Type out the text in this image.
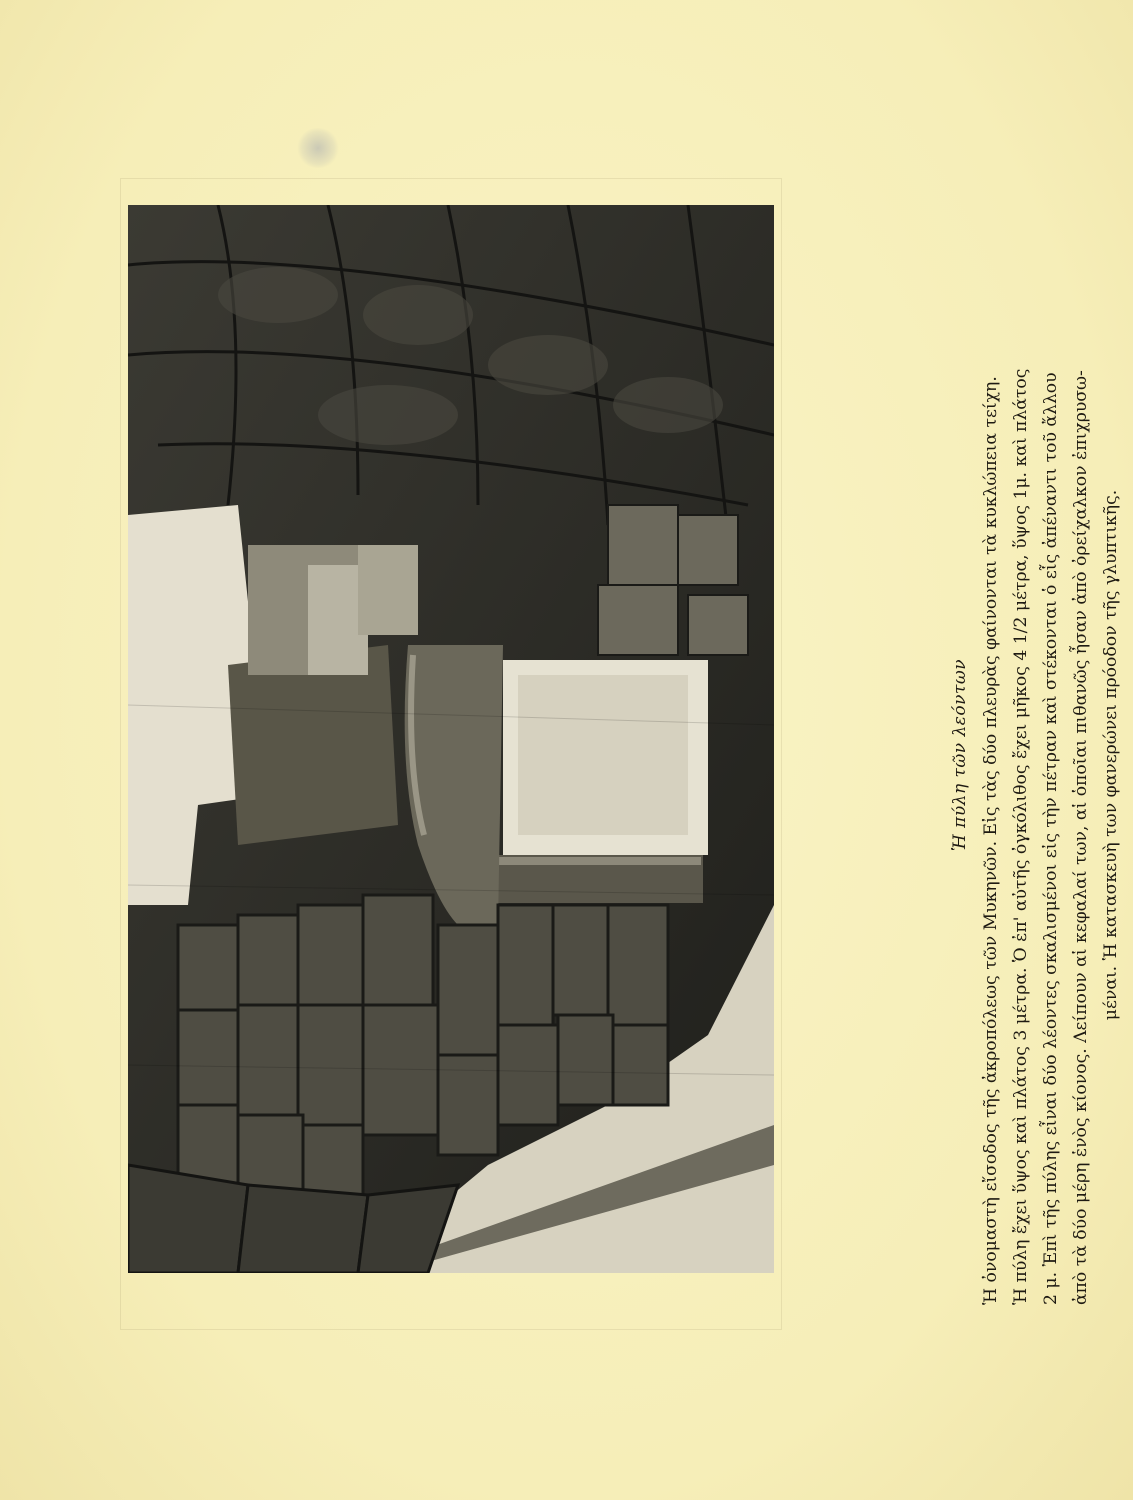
Ἡ πύλη τῶν λεόντων Ἡ ὀνομαστὴ εἴσοδος τῆς ἀκροπόλεως τῶν Μυκηνῶν. Εἰς τὰς δύο πλευρὰς φαίνονται τὰ κυκλώπεια τείχη. Ἡ πύλη ἔχει ὕψος καὶ πλάτος 3 μέτρα. Ὁ ἐπ' αὐτῆς ὀγκόλιθος ἔχει μῆκος 4 1/2 μέτρα, ὕψος 1μ. καὶ πλάτος 2 μ. Ἐπὶ τῆς πύλης εἶναι δύο λέοντες σκαλισμένοι εἰς τὴν πέτραν καὶ στέκονται ὁ εἷς ἀπέναντι τοῦ ἄλλου ἀπὸ τὰ δύο μέρη ἑνὸς κίονος. Λείπουν αἱ κεφαλαί των, αἱ ὁποῖαι πιθανῶς ἦσαν ἀπὸ ὀρείχαλκον ἐπιχρυσω- μέναι. Ἡ κατασκευὴ των φανερώνει πρόοδον τῆς γλυπτικῆς.
